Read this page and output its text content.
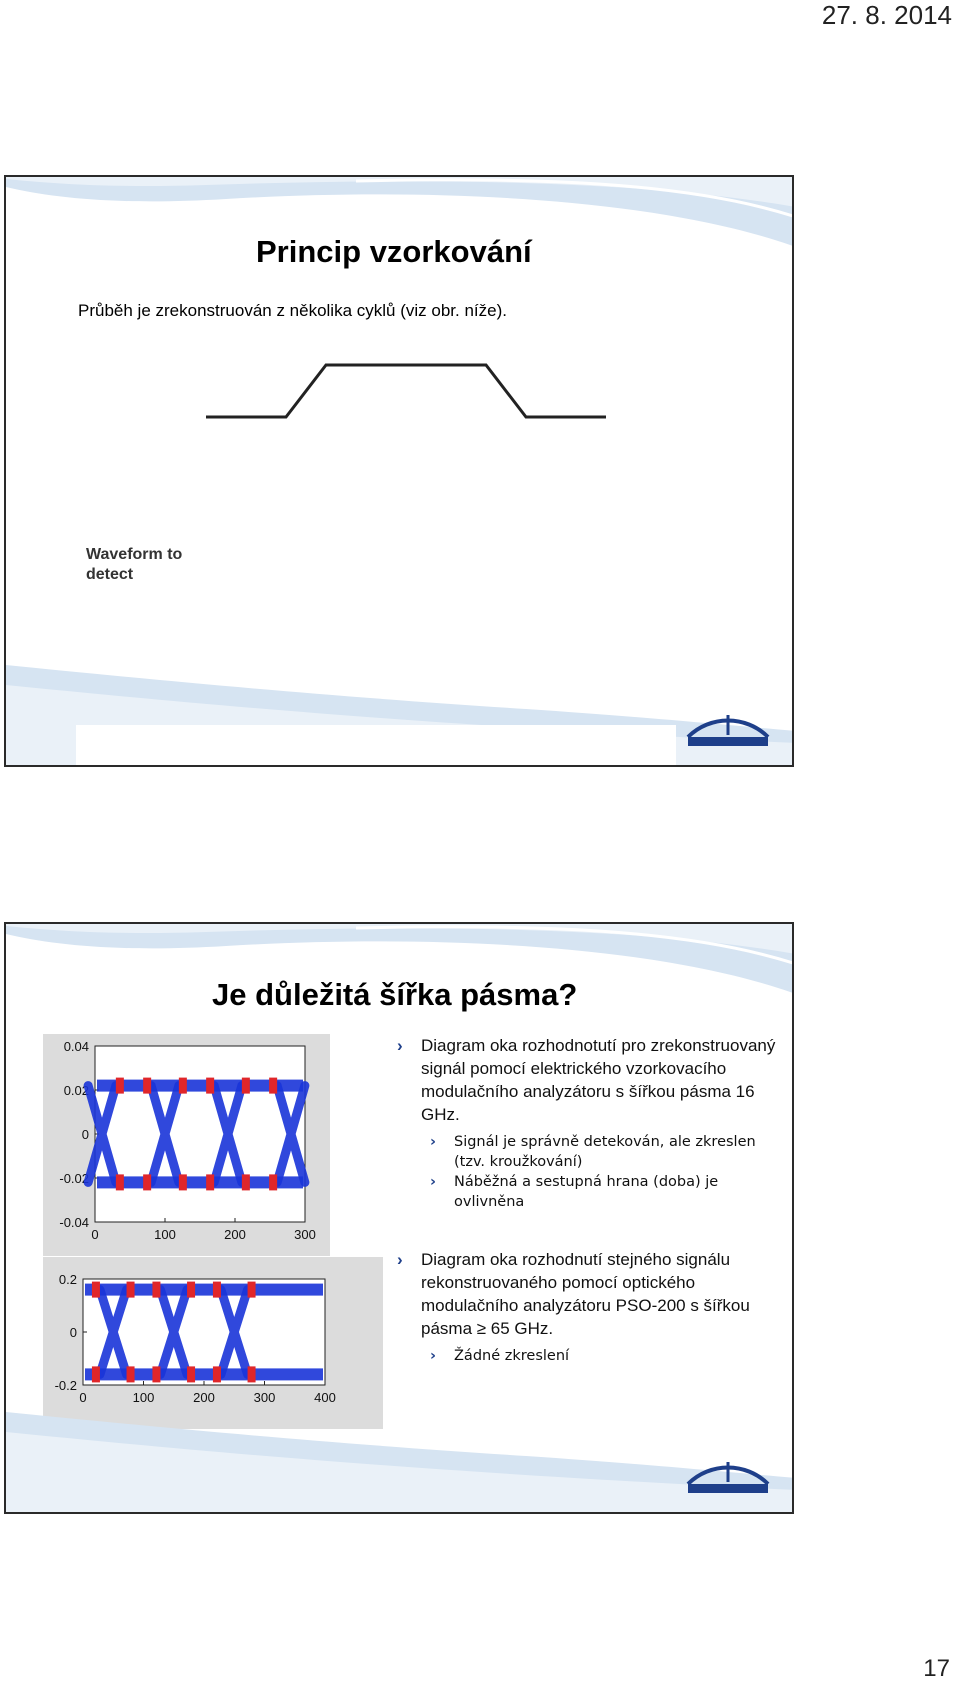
27. 8. 2014
Princip vzorkování
Průběh je zrekonstruován z několika cyklů (viz obr. níže).
Waveform to
detect
Je důležitá šířka pásma?
0.04
0.02
0
-0.02
-0.04
0	100	200	300
0.2
0
-0.2
0	100	200	300	400
› Diagram oka rozhodnotutí pro zrekonstruovaný signál pomocí elektrického vzorkovacího modulačního analyzátoru s šířkou pásma 16 GHz.
› Signál je správně detekován, ale zkreslen (tzv. kroužkování)
› Náběžná a sestupná hrana (doba) je ovlivněna
› Diagram oka rozhodnutí stejného signálu rekonstruovaného pomocí optického modulačního analyzátoru PSO-200 s šířkou pásma ≥ 65 GHz.
› Žádné zkreslení
17
